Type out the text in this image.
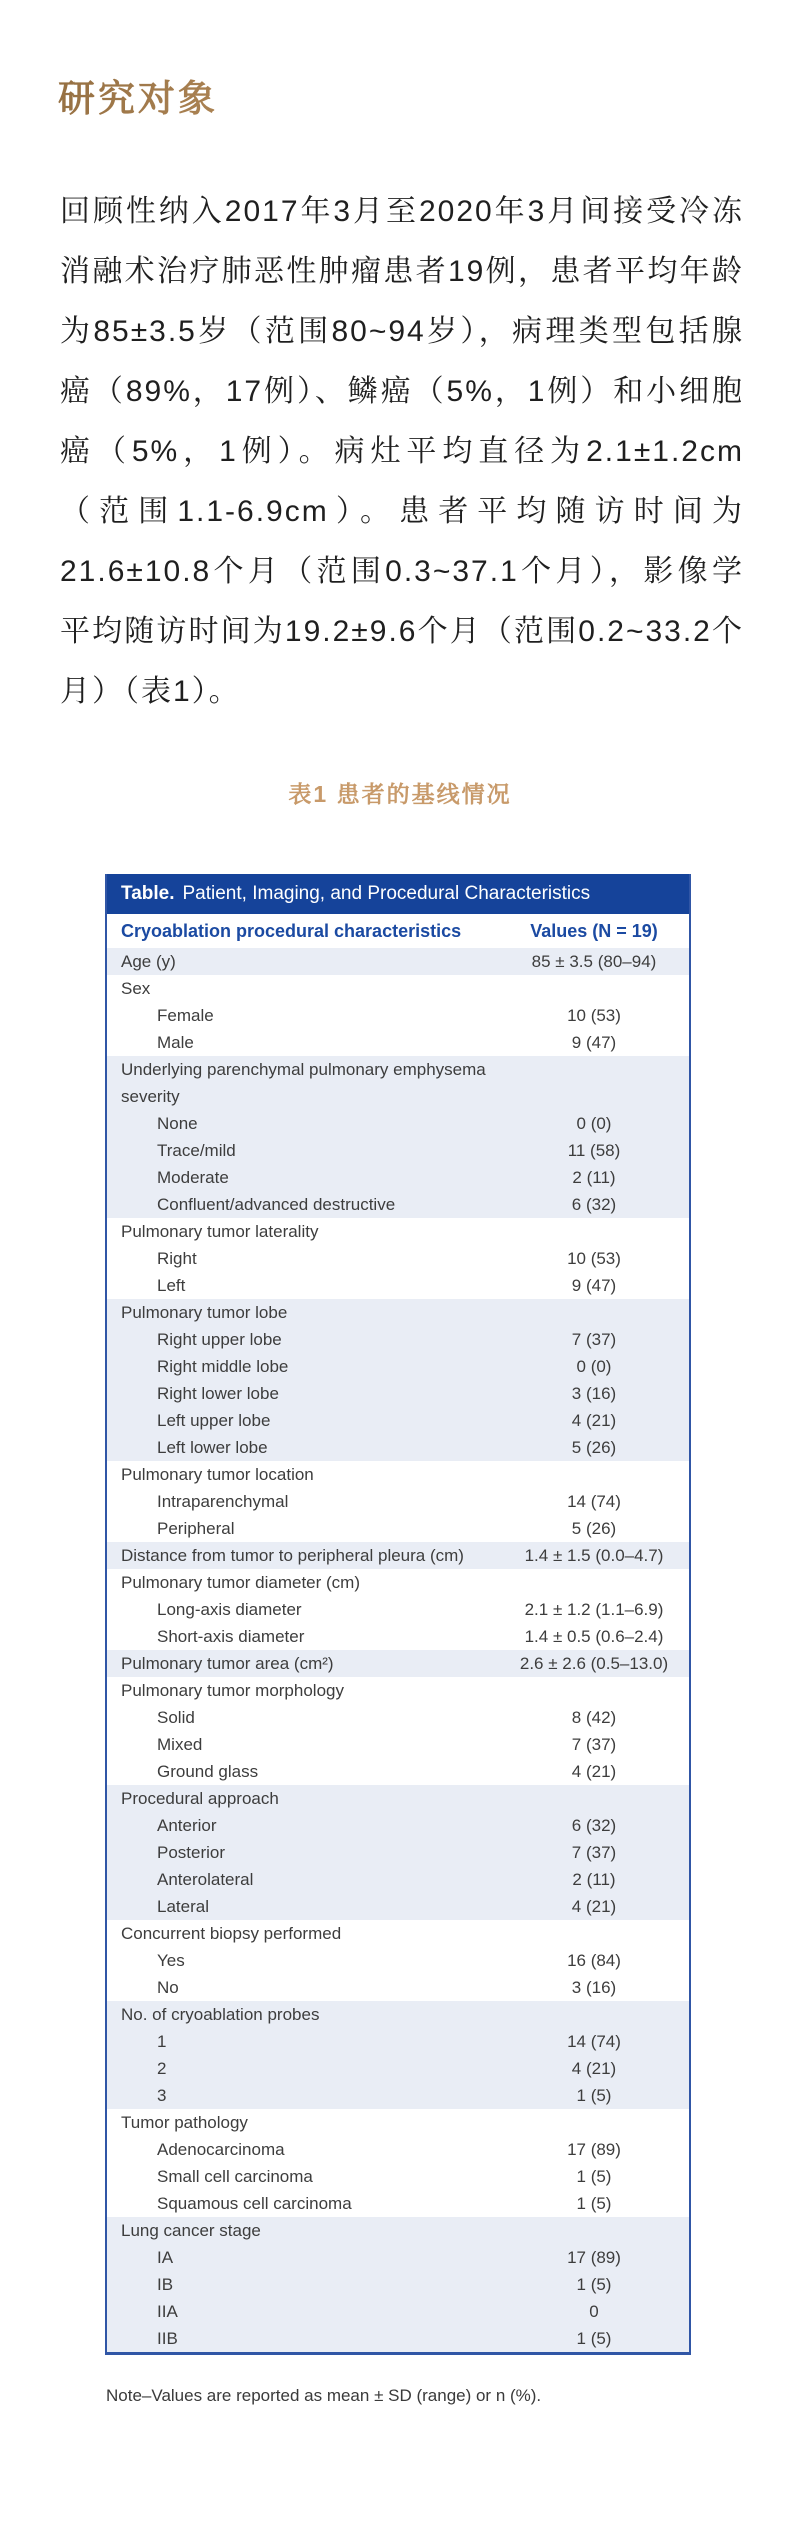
研究对象

回顾性纳入2017年3月至2020年3月间接受冷冻消融术治疗肺恶性肿瘤患者19例，患者平均年龄为85±3.5岁（范围80~94岁），病理类型包括腺癌（89%，17例）、鳞癌（5%，1例）和小细胞癌（5%，1例）。病灶平均直径为2.1±1.2cm（范围1.1-6.9cm）。患者平均随访时间为21.6±10.8个月（范围0.3~37.1个月），影像学平均随访时间为19.2±9.6个月（范围0.2~33.2个月）（表1）。

表1 患者的基线情况
Table. Patient, Imaging, and Procedural Characteristics
Cryoablation procedural characteristics	Values (N = 19)
Age (y)	85 ± 3.5 (80–94)
Sex
Female	10 (53)
Male	9 (47)
Underlying parenchymal pulmonary emphysema severity
None	0 (0)
Trace/mild	11 (58)
Moderate	2 (11)
Confluent/advanced destructive	6 (32)
Pulmonary tumor laterality
Right	10 (53)
Left	9 (47)
Pulmonary tumor lobe
Right upper lobe	7 (37)
Right middle lobe	0 (0)
Right lower lobe	3 (16)
Left upper lobe	4 (21)
Left lower lobe	5 (26)
Pulmonary tumor location
Intraparenchymal	14 (74)
Peripheral	5 (26)
Distance from tumor to peripheral pleura (cm)	1.4 ± 1.5 (0.0–4.7)
Pulmonary tumor diameter (cm)
Long-axis diameter	2.1 ± 1.2 (1.1–6.9)
Short-axis diameter	1.4 ± 0.5 (0.6–2.4)
Pulmonary tumor area (cm²)	2.6 ± 2.6 (0.5–13.0)
Pulmonary tumor morphology
Solid	8 (42)
Mixed	7 (37)
Ground glass	4 (21)
Procedural approach
Anterior	6 (32)
Posterior	7 (37)
Anterolateral	2 (11)
Lateral	4 (21)
Concurrent biopsy performed
Yes	16 (84)
No	3 (16)
No. of cryoablation probes
1	14 (74)
2	4 (21)
3	1 (5)
Tumor pathology
Adenocarcinoma	17 (89)
Small cell carcinoma	1 (5)
Squamous cell carcinoma	1 (5)
Lung cancer stage
IA	17 (89)
IB	1 (5)
IIA	0
IIB	1 (5)
Note–Values are reported as mean ± SD (range) or n (%).
